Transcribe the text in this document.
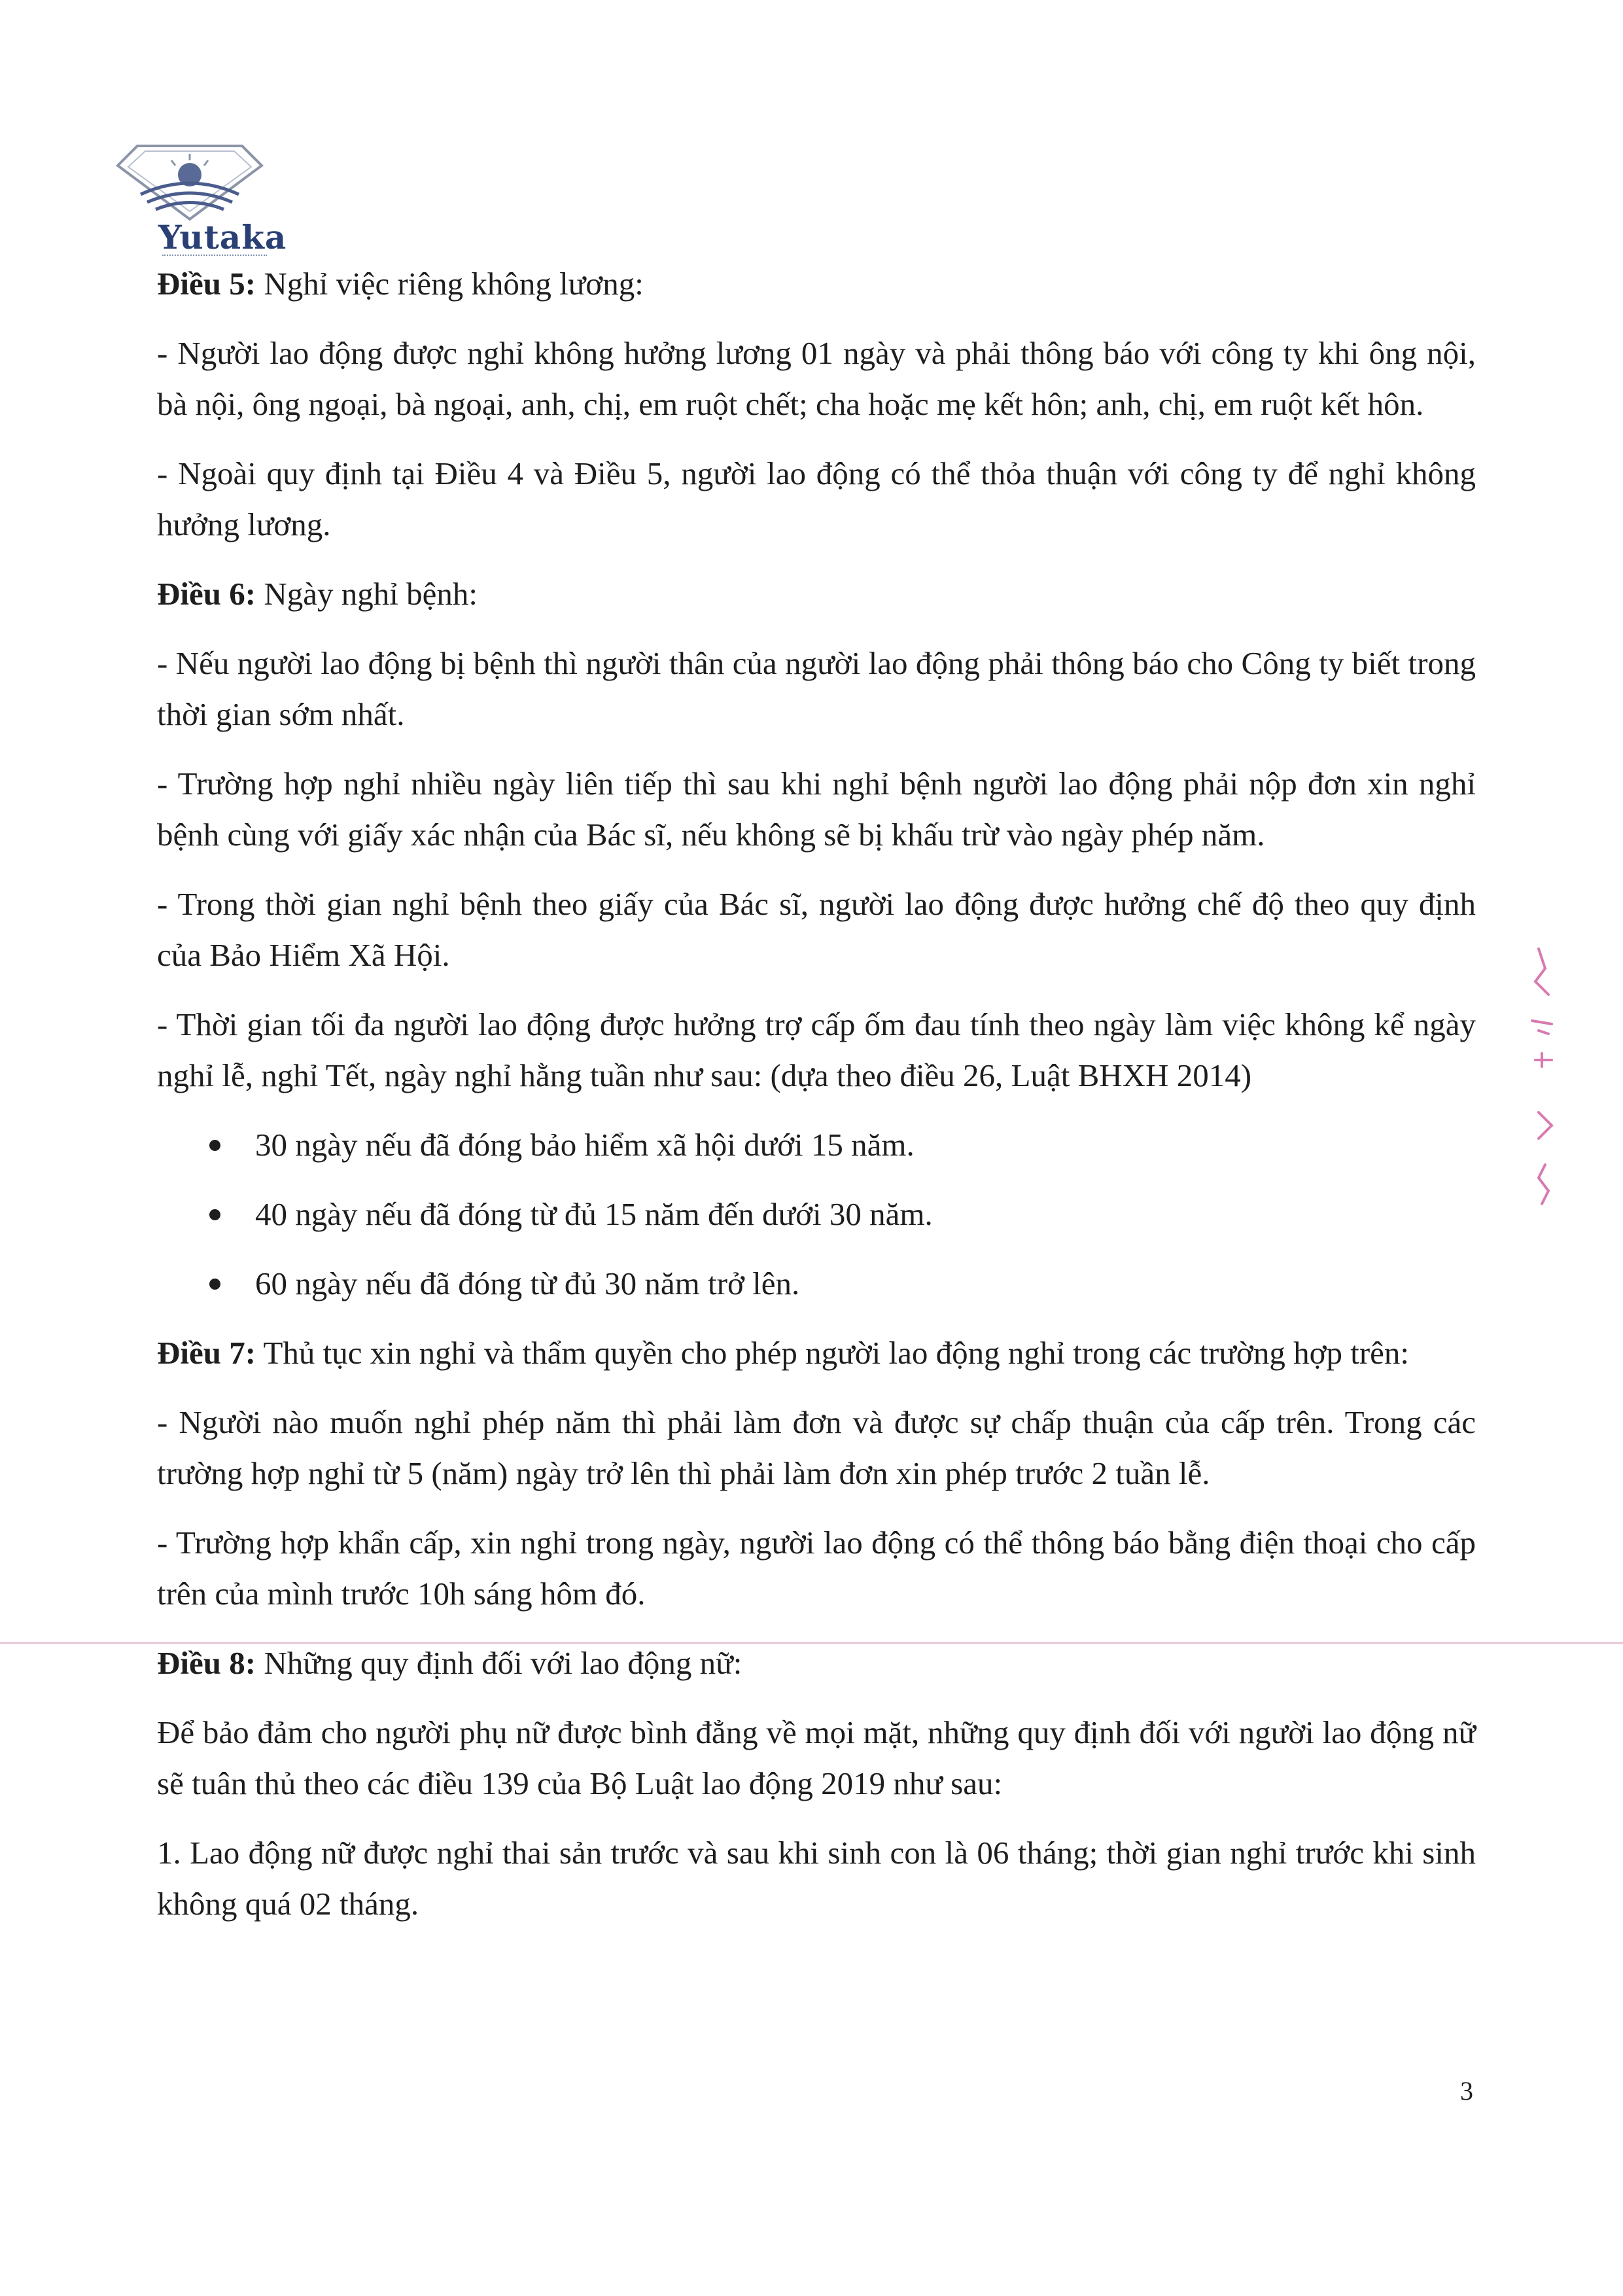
Yutaka

Điều 5: Nghỉ việc riêng không lương:

- Người lao động được nghỉ không hưởng lương 01 ngày và phải thông báo với công ty khi ông nội, bà nội, ông ngoại, bà ngoại, anh, chị, em ruột chết; cha hoặc mẹ kết hôn; anh, chị, em ruột kết hôn.

- Ngoài quy định tại Điều 4 và Điều 5, người lao động có thể thỏa thuận với công ty để nghỉ không hưởng lương.

Điều 6: Ngày nghỉ bệnh:

- Nếu người lao động bị bệnh thì người thân của người lao động phải thông báo cho Công ty biết trong thời gian sớm nhất.

- Trường hợp nghỉ nhiều ngày liên tiếp thì sau khi nghỉ bệnh người lao động phải nộp đơn xin nghỉ bệnh cùng với giấy xác nhận của Bác sĩ, nếu không sẽ bị khấu trừ vào ngày phép năm.

- Trong thời gian nghỉ bệnh theo giấy của Bác sĩ, người lao động được hưởng chế độ theo quy định của Bảo Hiểm Xã Hội.

- Thời gian tối đa người lao động được hưởng trợ cấp ốm đau tính theo ngày làm việc không kể ngày nghỉ lễ, nghỉ Tết, ngày nghỉ hằng tuần như sau: (dựa theo điều 26, Luật BHXH 2014)

30 ngày nếu đã đóng bảo hiểm xã hội dưới 15 năm.
40 ngày nếu đã đóng từ đủ 15 năm đến dưới 30 năm.
60 ngày nếu đã đóng từ đủ 30 năm trở lên.

Điều 7: Thủ tục xin nghỉ và thẩm quyền cho phép người lao động nghỉ trong các trường hợp trên:

- Người nào muốn nghỉ phép năm thì phải làm đơn và được sự chấp thuận của cấp trên. Trong các trường hợp nghỉ từ 5 (năm) ngày trở lên thì phải làm đơn xin phép trước 2 tuần lễ.

- Trường hợp khẩn cấp, xin nghỉ trong ngày, người lao động có thể thông báo bằng điện thoại cho cấp trên của mình trước 10h sáng hôm đó.

Điều 8: Những quy định đối với lao động nữ:

Để bảo đảm cho người phụ nữ được bình đẳng về mọi mặt, những quy định đối với người lao động nữ sẽ tuân thủ theo các điều 139 của Bộ Luật lao động 2019 như sau:

1. Lao động nữ được nghỉ thai sản trước và sau khi sinh con là 06 tháng; thời gian nghỉ trước khi sinh không quá 02 tháng.

3
